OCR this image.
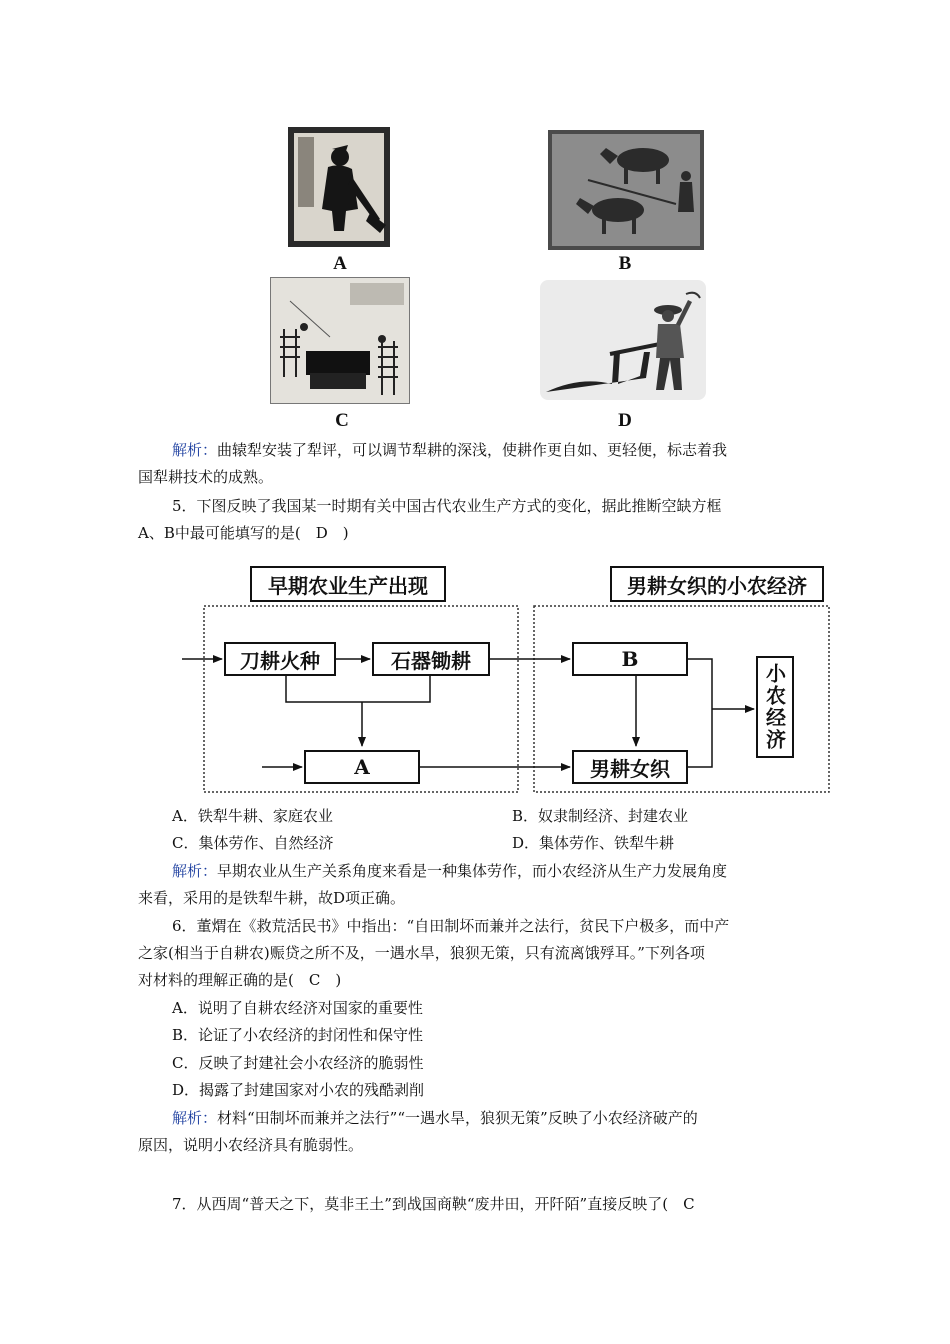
A	B
C	D
解析：曲辕犁安装了犁评，可以调节犁耕的深浅，使耕作更自如、更轻便，标志着我
国犁耕技术的成熟。
5．下图反映了我国某一时期有关中国古代农业生产方式的变化，据此推断空缺方框
A、B中最可能填写的是(　D　)
早期农业生产出现	男耕女织的小农经济
刀耕火种	石器锄耕
A
B
男耕女织
小农经济
A．铁犁牛耕、家庭农业	B．奴隶制经济、封建农业
C．集体劳作、自然经济	D．集体劳作、铁犁牛耕
解析：早期农业从生产关系角度来看是一种集体劳作，而小农经济从生产力发展角度
来看，采用的是铁犁牛耕，故D项正确。
6．董煟在《救荒活民书》中指出：“自田制坏而兼并之法行，贫民下户极多，而中产
之家(相当于自耕农)赈贷之所不及，一遇水旱，狼狈无策，只有流离饿殍耳。”下列各项
对材料的理解正确的是(　C　)
A．说明了自耕农经济对国家的重要性
B．论证了小农经济的封闭性和保守性
C．反映了封建社会小农经济的脆弱性
D．揭露了封建国家对小农的残酷剥削
解析：材料“田制坏而兼并之法行”“一遇水旱，狼狈无策”反映了小农经济破产的
原因，说明小农经济具有脆弱性。
7．从西周“普天之下，莫非王土”到战国商鞅“废井田，开阡陌”直接反映了(　C
